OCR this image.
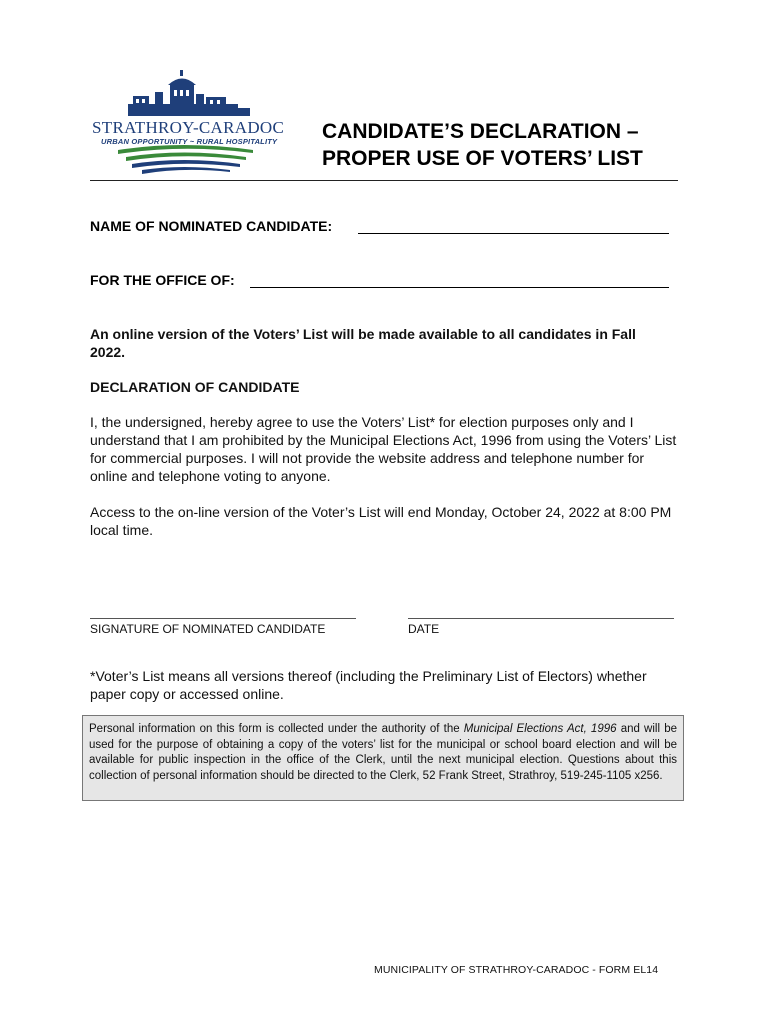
STRATHROY-CARADOC
URBAN OPPORTUNITY ~ RURAL HOSPITALITY CANDIDATE’S DECLARATION –
PROPER USE OF VOTERS’ LIST
NAME OF NOMINATED CANDIDATE:
FOR THE OFFICE OF:
An online version of the Voters’ List will be made available to all candidates in Fall 2022.
DECLARATION OF CANDIDATE
I, the undersigned, hereby agree to use the Voters’ List* for election purposes only and I understand that I am prohibited by the Municipal Elections Act, 1996 from using the Voters’ List for commercial purposes. I will not provide the website address and telephone number for online and telephone voting to anyone.
Access to the on-line version of the Voter’s List will end Monday, October 24, 2022 at 8:00 PM local time.
SIGNATURE OF NOMINATED CANDIDATE	DATE
*Voter’s List means all versions thereof (including the Preliminary List of Electors) whether paper copy or accessed online.
Personal information on this form is collected under the authority of the Municipal Elections Act, 1996 and will be used for the purpose of obtaining a copy of the voters’ list for the municipal or school board election and will be available for public inspection in the office of the Clerk, until the next municipal election. Questions about this collection of personal information should be directed to the Clerk, 52 Frank Street, Strathroy, 519-245-1105 x256.
MUNICIPALITY OF STRATHROY-CARADOC - FORM EL14
